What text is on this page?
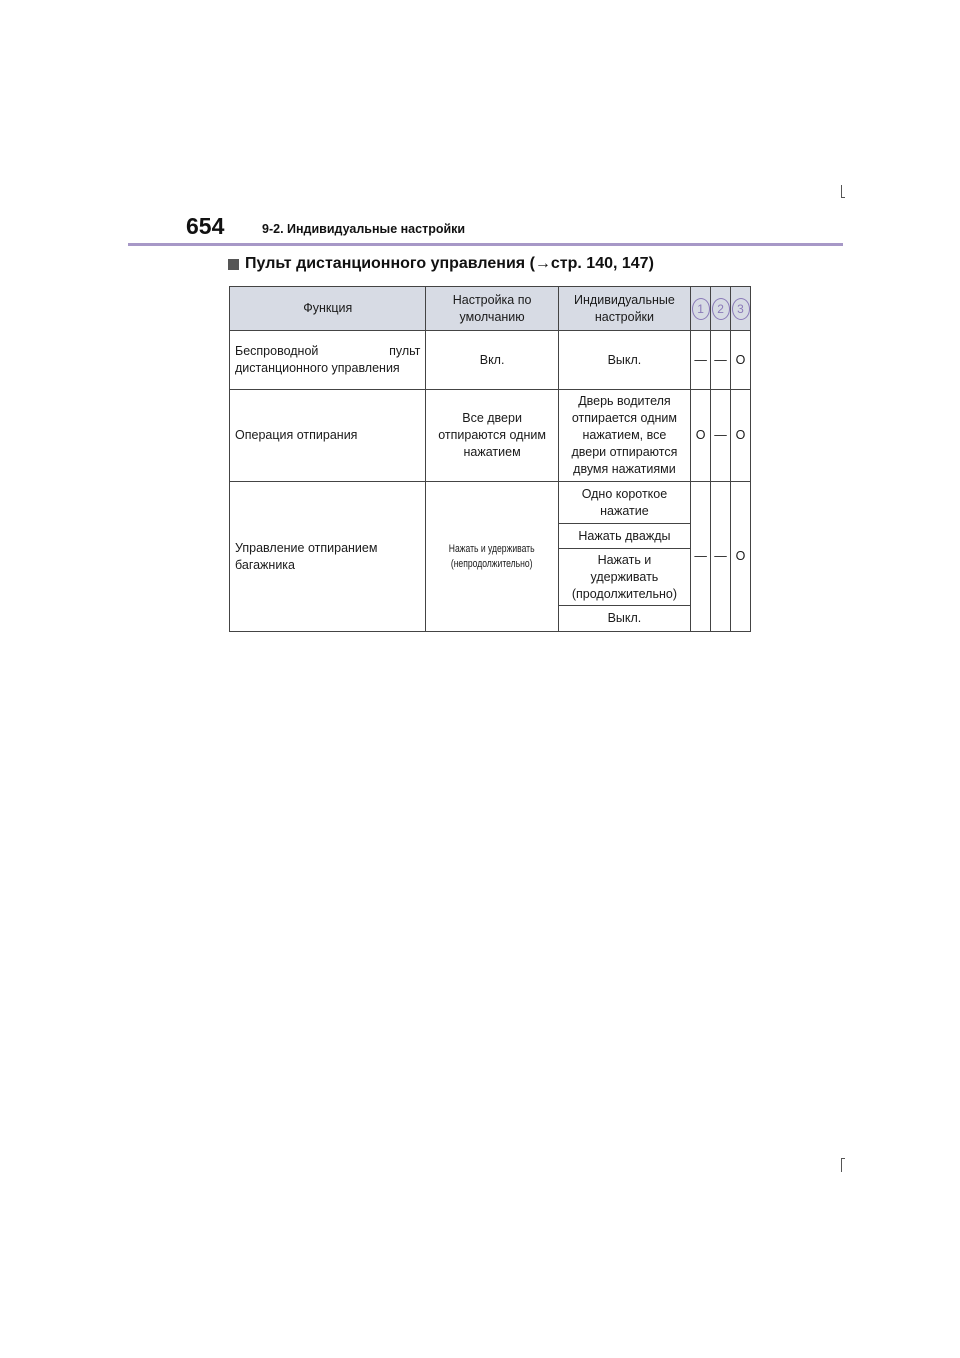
654	9-2. Индивидуальные настройки
Пульт дистанционного управления (→стр. 140, 147)
Функция	Настройка по умолчанию	Индивидуальные настройки	1	2	3
Беспроводной пульт дистанционного управления	Вкл.	Выкл.	—	—	O
Операция отпирания	Все двери отпираются одним нажатием	Дверь водителя отпирается одним нажатием, все двери отпираются двумя нажатиями	O	—	O
Управление отпиранием багажника	Нажать и удерживать (непродолжительно)	Одно короткое нажатие	—	—	O
		Нажать дважды			
		Нажать и удерживать (продолжительно)			
		Выкл.			
